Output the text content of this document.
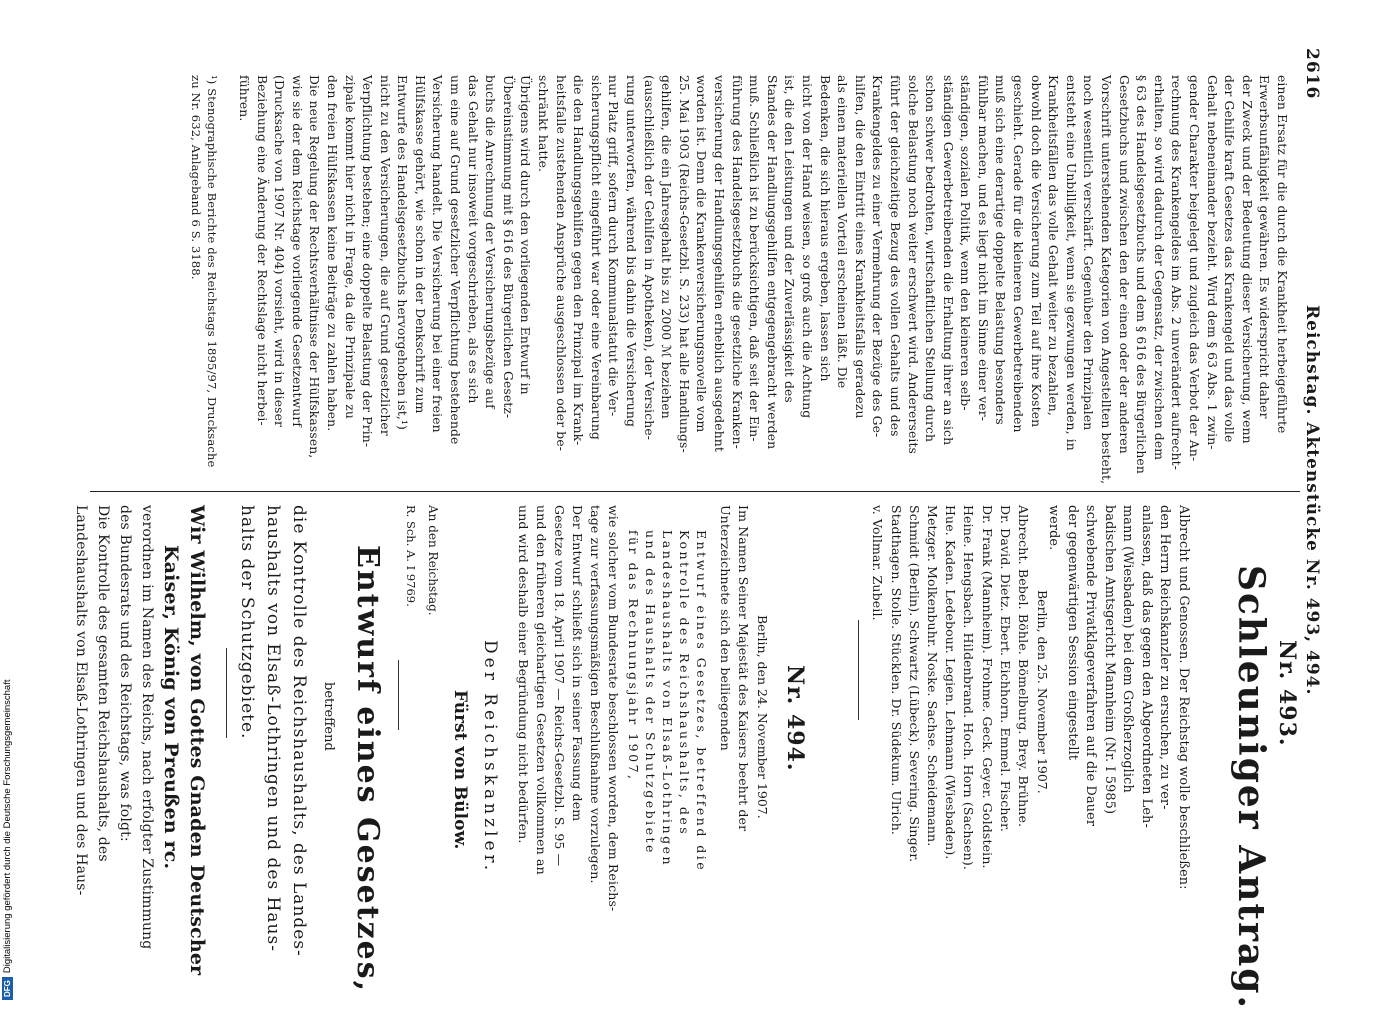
2616
Reichstag. Aktenstücke Nr. 493, 494.

einen Ersatz für die durch die Krankheit herbeigeführte

Erwerbsunfähigkeit gewähren. Es widerspricht daher

der Zweck und der Bedeutung dieser Versicherung, wenn

der Gehilfe kraft Gesetzes das Krankengeld und das volle

Gehalt nebeneinander bezieht. Wird dem § 63 Abs. 1 zwin-

gender Charakter beigelegt und zugleich das Verbot der An-

rechnung des Krankengeldes im Abs. 2 unverändert aufrecht-

erhalten, so wird dadurch der Gegensatz, der zwischen dem

§ 63 des Handelsgesetzbuchs und dem § 616 des Bürgerlichen

Gesetzbuchs und zwischen den der einen oder der anderen

Vorschrift unterstehenden Kategorien von Angestellten besteht,

noch wesentlich verschärft. Gegenüber den Prinzipalen

entsteht eine Unbilligkeit, wenn sie gezwungen werden, in

Krankheitsfällen das volle Gehalt weiter zu bezahlen,

obwohl doch die Versicherung zum Teil auf ihre Kosten

geschieht. Gerade für die kleineren Gewerbetreibenden

muß sich eine derartige doppelte Belastung besonders

fühlbar machen, und es liegt nicht im Sinne einer ver-

ständigen, sozialen Politik, wenn den kleineren selb-

ständigen Gewerbetreibenden die Erhaltung ihrer an sich

schon schwer bedrohten, wirtschaftlichen Stellung durch

solche Belastung noch weiter erschwert wird. Andererseits

führt der gleichzeitige Bezug des vollen Gehalts und des

Krankengeldes zu einer Vermehrung der Bezüge des Ge-

hilfen, die den Eintritt eines Krankheitsfalls geradezu

als einen materiellen Vorteil erscheinen läßt. Die

Bedenken, die sich hieraus ergeben, lassen sich

nicht von der Hand weisen, so groß auch die Achtung

ist, die den Leistungen und der Zuverlässigkeit des

Standes der Handlungsgehilfen entgegengebracht werden

muß. Schließlich ist zu berücksichtigen, daß seit der Ein-

führung des Handelsgesetzbuchs die gesetzliche Kranken-

versicherung der Handlungsgehilfen erheblich ausgedehnt

worden ist. Denn die Krankenversicherungsnovelle vom

25. Mai 1903 (Reichs-Gesetzbl. S. 233) hat alle Handlungs-

gehilfen, die ein Jahresgehalt bis zu 2000 ℳ beziehen

(ausschließlich der Gehilfen in Apotheken), der Versiche-

rung unterworfen, während bis dahin die Versicherung

nur Platz griff, sofern durch Kommunalstatut die Ver-

sicherungspflicht eingeführt war oder eine Vereinbarung

die den Handlungsgehilfen gegen den Prinzipal im Krank-

heitsfalle zustehenden Ansprüche ausgeschlossen oder be-

schränkt hatte.

Übrigens wird durch den vorliegenden Entwurf in

Übereinstimmung mit § 616 des Bürgerlichen Gesetz-

buchs die Anrechnung der Versicherungsbezüge auf

das Gehalt nur insoweit vorgeschrieben, als es sich

um eine auf Grund gesetzlicher Verpflichtung bestehende

Versicherung handelt. Die Versicherung bei einer freien

Hülfskasse gehört, wie schon in der Denkschrift zum

Entwurfe des Handelsgesetzbuchs hervorgehoben ist,¹)

nicht zu den Versicherungen, die auf Grund gesetzlicher

Verpflichtung bestehen; eine doppelte Belastung der Prin-

zipale kommt hier nicht in Frage, da die Prinzipale zu

den freien Hülfskassen keine Beiträge zu zahlen haben.

Die neue Regelung der Rechtsverhältnisse der Hülfskassen,

wie sie der dem Reichstage vorliegende Gesetzentwurf

(Drucksache von 1907 Nr. 404) vorsieht, wird in dieser

Beziehung eine Änderung der Rechtslage nicht herbei-

führen.

¹) Stenographische Berichte des Reichstags 1895/97, Drucksache

zu Nr. 632, Anlageband 6 S. 3188.

Nr. 493.
Schleuniger Antrag.

Albrecht und Genossen. Der Reichstag wolle beschließen:

den Herrn Reichskanzler zu ersuchen, zu ver-

anlassen, daß das gegen den Abgeordneten Leh-

mann (Wiesbaden) bei dem Großherzoglich

badischen Amtsgericht Mannheim (Nr. I 5985)

schwebende Privatklageverfahren auf die Dauer

der gegenwärtigen Session eingestellt

werde.

Berlin, den 25. November 1907.

Albrecht. Bebel. Böhle. Bömelburg. Brey. Brühne.

Dr. David. Dietz. Ebert. Eichhorn. Emmel. Fischer.

Dr. Frank (Mannheim). Frohme. Geck. Geyer. Goldstein.

Heine. Hengsbach. Hildenbrand. Hoch. Horn (Sachsen).

Hue. Kaden. Ledebour. Legien. Lehmann (Wiesbaden).

Metzger. Molkenbuhr. Noske. Sachse. Scheidemann.

Schmidt (Berlin). Schwartz (Lübeck). Severing. Singer.

Stadthagen. Stolle. Stücklen. Dr. Südekum. Ulrich.

v. Vollmar. Zubeil.

Nr. 494.
Berlin, den 24. November 1907.

Im Namen Seiner Majestät des Kaisers beehrt der

Unterzeichnete sich den beiliegenden

Entwurf eines Gesetzes, betreffend die

Kontrolle des Reichshaushalts, des

Landeshaushalts von Elsaß-Lothringen

und des Haushalts der Schutzgebiete

für das Rechnungsjahr 1907,

wie solcher vom Bundesrate beschlossen worden, dem Reichs-

tage zur verfassungsmäßigen Beschlußnahme vorzulegen.

Der Entwurf schließt sich in seiner Fassung dem

Gesetze vom 18. April 1907 — Reichs-Gesetzbl. S. 95 —

und den früheren gleichartigen Gesetzen vollkommen an

und wird deshalb einer Begründung nicht bedürfen.

Der Reichskanzler.
Fürst von Bülow.
An den Reichstag.
R. Sch. A. I 9769.
Entwurf eines Gesetzes,
betreffend

die Kontrolle des Reichshaushalts, des Landes-

haushalts von Elsaß-Lothringen und des Haus-

halts der Schutzgebiete.

Wir Wilhelm, von Gottes Gnaden Deutscher

Kaiser, König von Preußen rc.

verordnen im Namen des Reichs, nach erfolgter Zustimmung

des Bundesrats und des Reichstags, was folgt:

Die Kontrolle des gesamten Reichshaushalts, des

Landeshaushalts von Elsaß-Lothringen und des Haus-

DFGDigitalisierung gefördert durch die Deutsche Forschungsgemeinschaft
